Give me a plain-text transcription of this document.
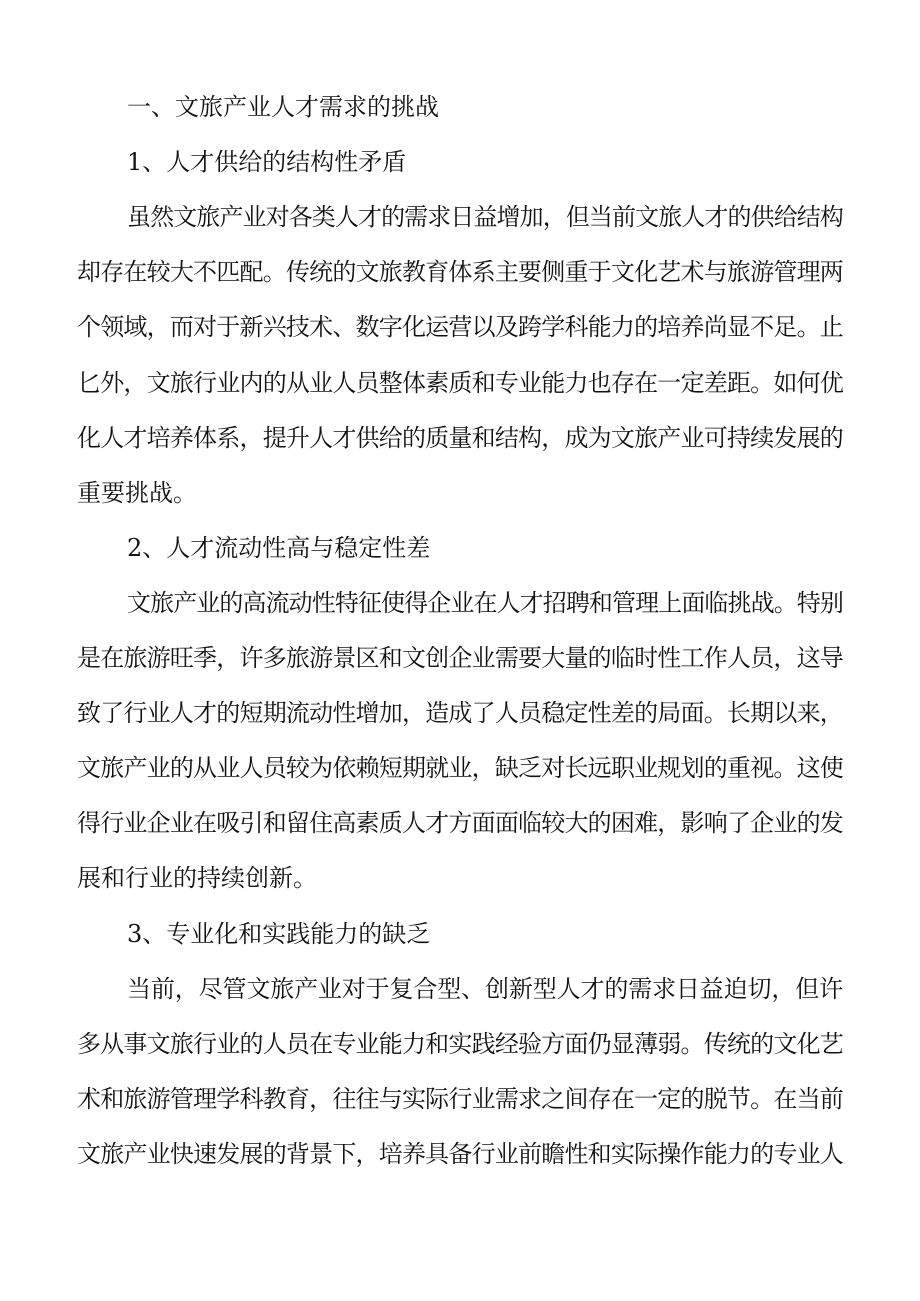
一、文旅产业人才需求的挑战

1、人才供给的结构性矛盾

虽然文旅产业对各类人才的需求日益增加，但当前文旅人才的供给结构

却存在较大不匹配。传统的文旅教育体系主要侧重于文化艺术与旅游管理两

个领域，而对于新兴技术、数字化运营以及跨学科能力的培养尚显不足。止

匕外，文旅行业内的从业人员整体素质和专业能力也存在一定差距。如何优

化人才培养体系，提升人才供给的质量和结构，成为文旅产业可持续发展的

重要挑战。

2、人才流动性高与稳定性差

文旅产业的高流动性特征使得企业在人才招聘和管理上面临挑战。特别

是在旅游旺季，许多旅游景区和文创企业需要大量的临时性工作人员，这导

致了行业人才的短期流动性增加，造成了人员稳定性差的局面。长期以来，

文旅产业的从业人员较为依赖短期就业，缺乏对长远职业规划的重视。这使

得行业企业在吸引和留住高素质人才方面面临较大的困难，影响了企业的发

展和行业的持续创新。

3、专业化和实践能力的缺乏

当前，尽管文旅产业对于复合型、创新型人才的需求日益迫切，但许

多从事文旅行业的人员在专业能力和实践经验方面仍显薄弱。传统的文化艺

术和旅游管理学科教育，往往与实际行业需求之间存在一定的脱节。在当前

文旅产业快速发展的背景下，培养具备行业前瞻性和实际操作能力的专业人
